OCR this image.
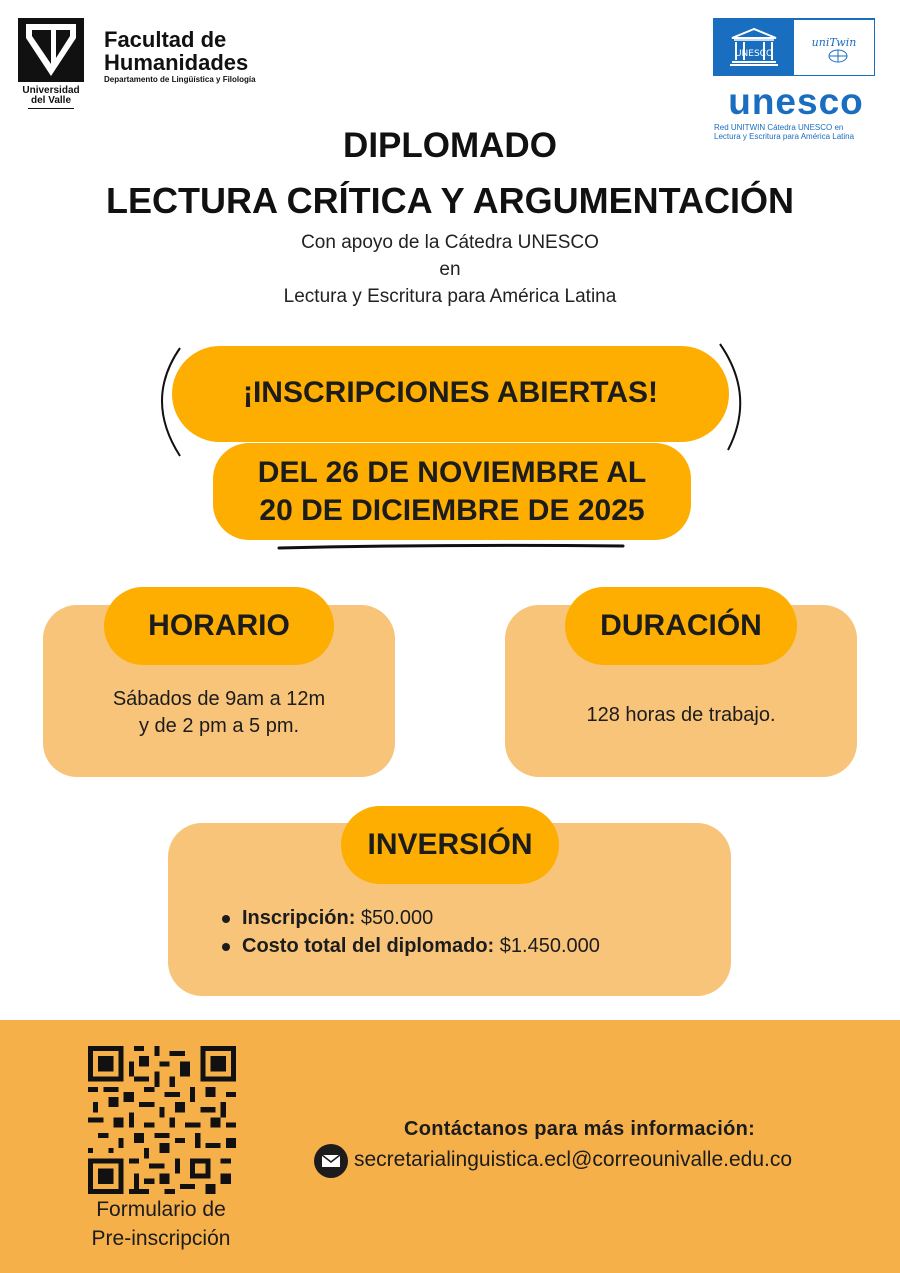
Universidad
del Valle
Facultad de
Humanidades
Departamento de Lingüística y Filología
UNESCO
uniTwin
unesco
Red UNITWIN Cátedra UNESCO en
Lectura y Escritura para América Latina
DIPLOMADO
LECTURA CRÍTICA Y ARGUMENTACIÓN
Con apoyo de la Cátedra UNESCO
en
Lectura y Escritura para América Latina
¡INSCRIPCIONES ABIERTAS!
DEL 26 DE NOVIEMBRE AL
20 DE DICIEMBRE DE 2025
HORARIO	DURACIÓN
INVERSIÓN
Sábados de 9am a 12m
y de 2 pm a 5 pm.	128 horas de trabajo.
Inscripción: $50.000
Costo total del diplomado: $1.450.000
Formulario de
Pre-inscripción
Contáctanos para más información:
secretarialinguistica.ecl@correounivalle.edu.co
